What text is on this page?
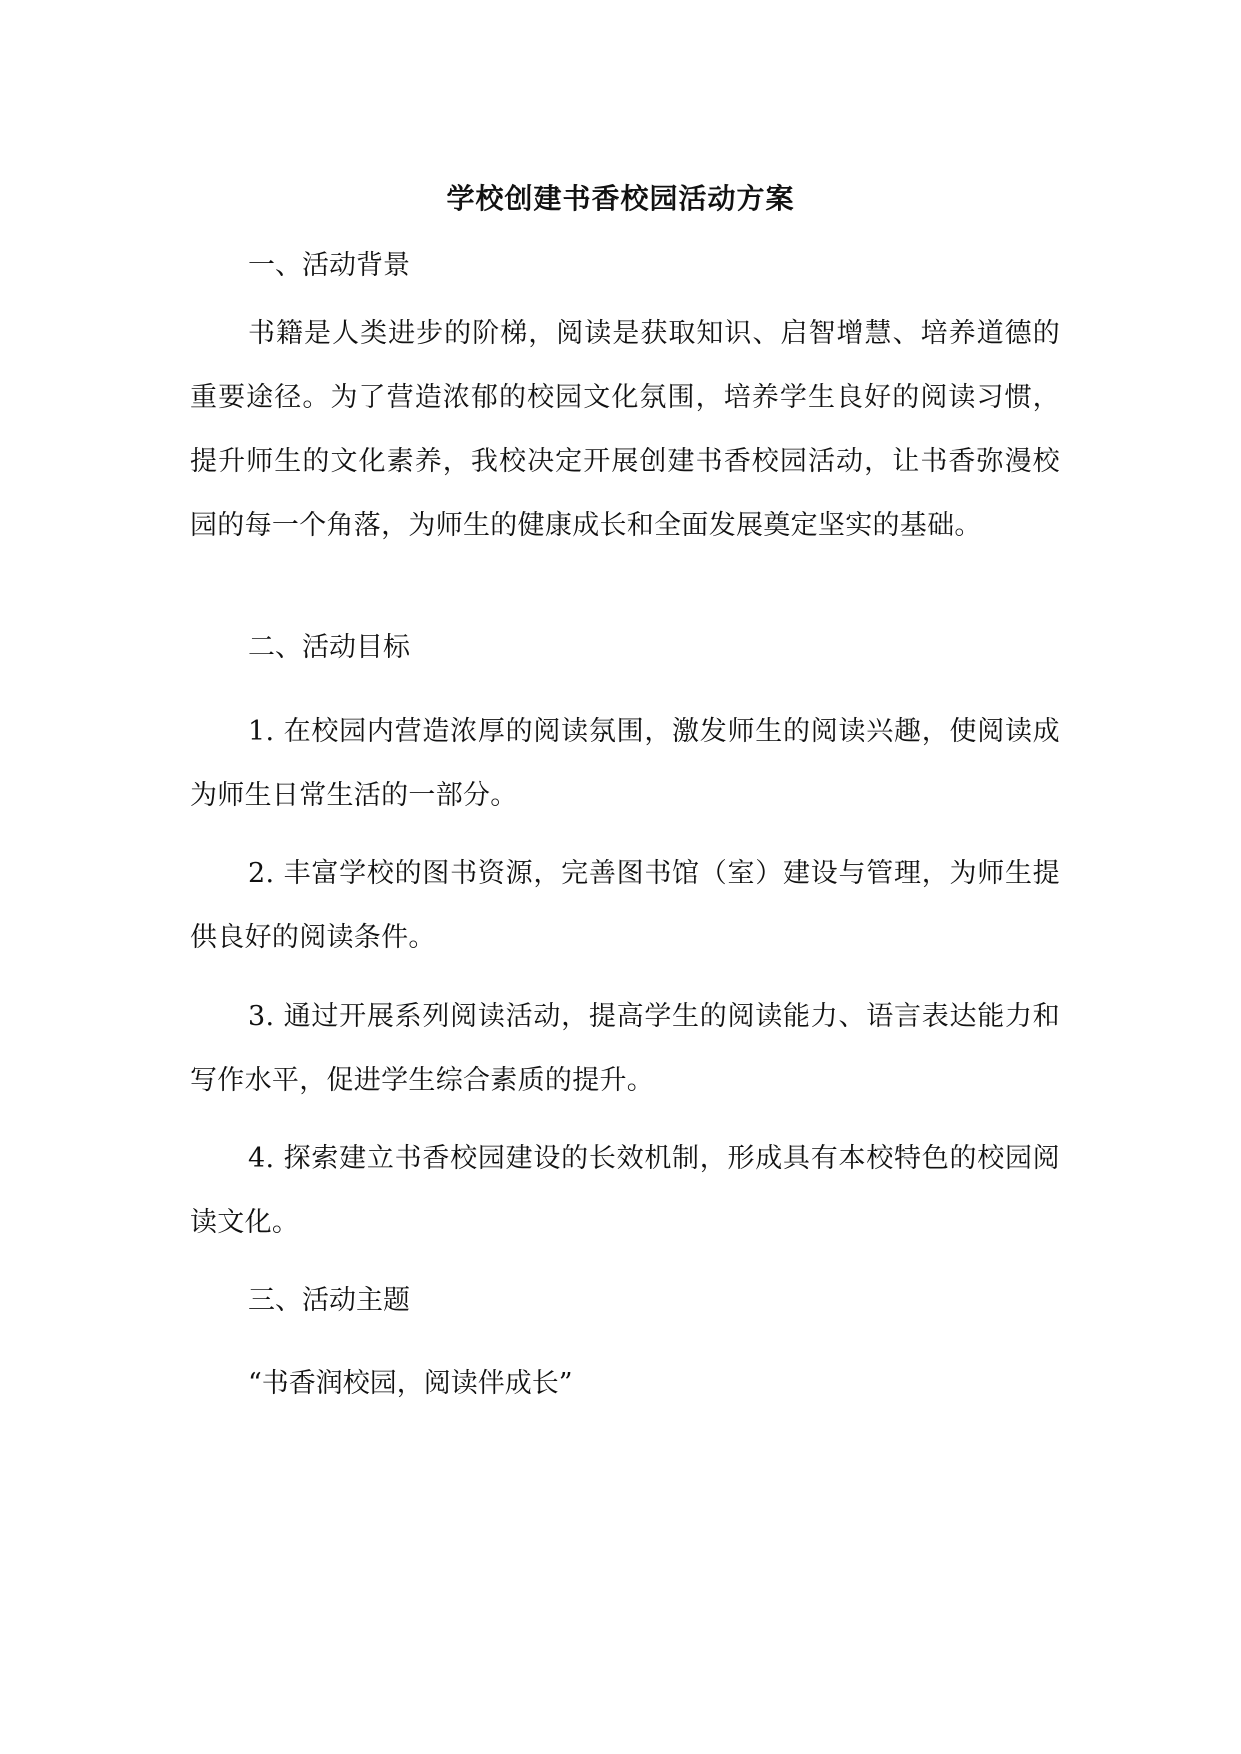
学校创建书香校园活动方案

一、活动背景

书籍是人类进步的阶梯，阅读是获取知识、启智增慧、培养道德的重要途径。为了营造浓郁的校园文化氛围，培养学生良好的阅读习惯，提升师生的文化素养，我校决定开展创建书香校园活动，让书香弥漫校园的每一个角落，为师生的健康成长和全面发展奠定坚实的基础。

二、活动目标

1. 在校园内营造浓厚的阅读氛围，激发师生的阅读兴趣，使阅读成为师生日常生活的一部分。

2. 丰富学校的图书资源，完善图书馆（室）建设与管理，为师生提供良好的阅读条件。

3. 通过开展系列阅读活动，提高学生的阅读能力、语言表达能力和写作水平，促进学生综合素质的提升。

4. 探索建立书香校园建设的长效机制，形成具有本校特色的校园阅读文化。

三、活动主题

“书香润校园，阅读伴成长”
